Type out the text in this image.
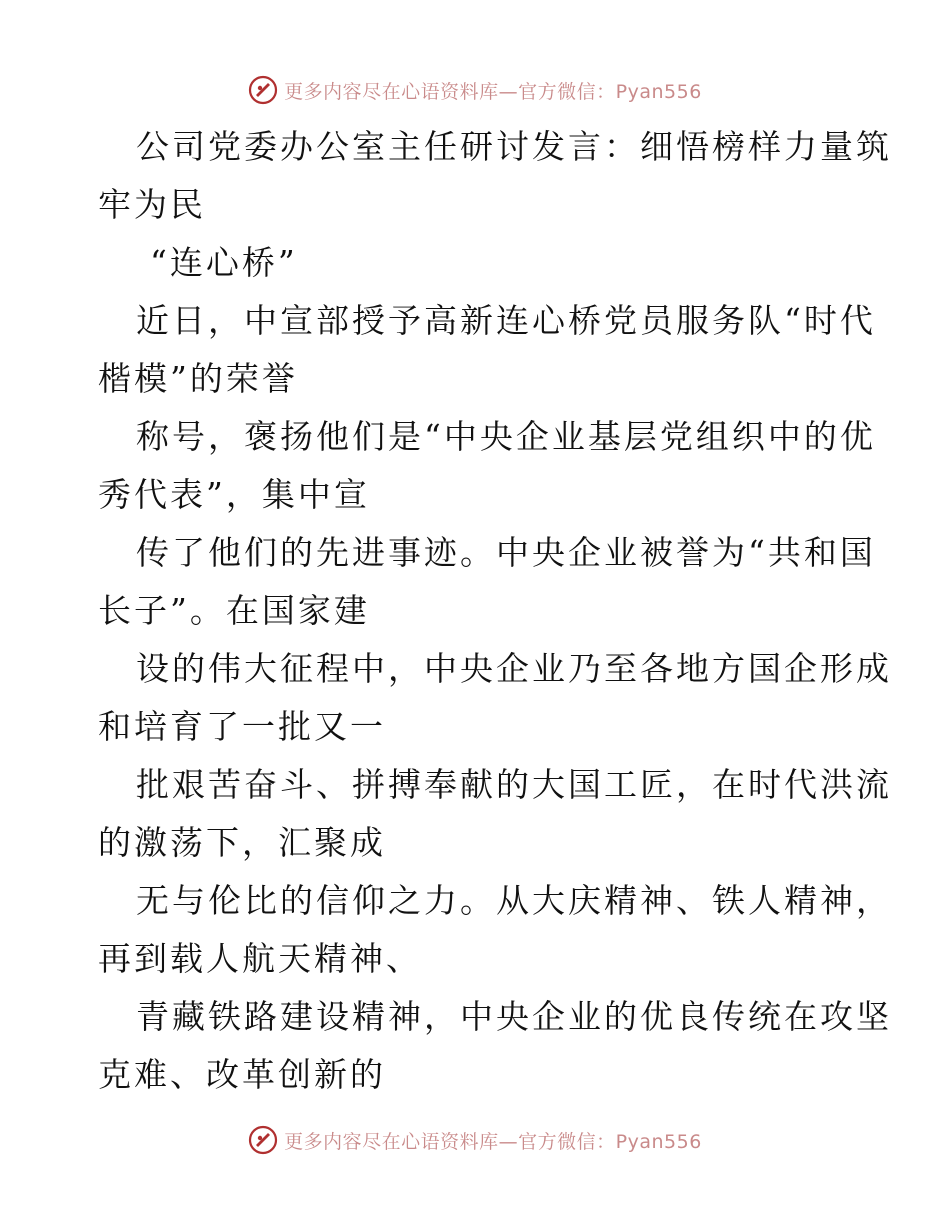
更多内容尽在心语资料库—官方微信：Pyan556
公司党委办公室主任研讨发言：细悟榜样力量筑
牢为民
“连心桥”
近日，中宣部授予高新连心桥党员服务队“时代
楷模”的荣誉
称号，褒扬他们是“中央企业基层党组织中的优
秀代表”，集中宣
传了他们的先进事迹。中央企业被誉为“共和国
长子”。在国家建
设的伟大征程中，中央企业乃至各地方国企形成
和培育了一批又一
批艰苦奋斗、拼搏奉献的大国工匠，在时代洪流
的激荡下，汇聚成
无与伦比的信仰之力。从大庆精神、铁人精神，
再到载人航天精神、
青藏铁路建设精神，中央企业的优良传统在攻坚
克难、改革创新的
更多内容尽在心语资料库—官方微信：Pyan556
